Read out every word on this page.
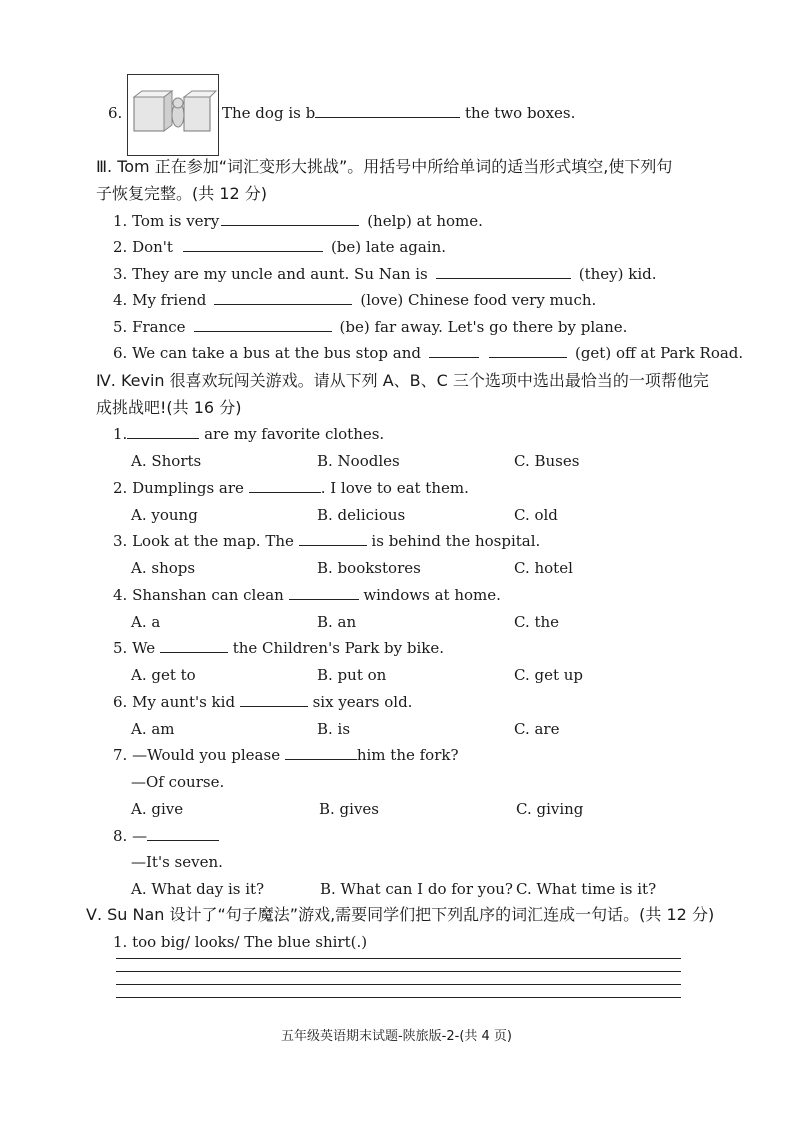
6.	The dog is b	the two boxes.
Ⅲ. Tom 正在参加“词汇变形大挑战”。用括号中所给单词的适当形式填空,使下列句
子恢复完整。(共 12 分)
1. Tom is very	(help) at home.
2. Don't	(be) late again.
3. They are my uncle and aunt. Su Nan is	(they) kid.
4. My friend	(love) Chinese food very much.
5. France	(be) far away. Let's go there by plane.
6. We can take a bus at the bus stop and	(get) off at Park Road.
Ⅳ. Kevin 很喜欢玩闯关游戏。请从下列 A、B、C 三个选项中选出最恰当的一项帮他完
成挑战吧!(共 16 分)
1.	are my favorite clothes.
A. Shorts	B. Noodles	C. Buses
2. Dumplings are	. I love to eat them.
A. young	B. delicious	C. old
3. Look at the map. The	is behind the hospital.
A. shops	B. bookstores	C. hotel
4. Shanshan can clean	windows at home.
A. a	B. an	C. the
5. We	the Children's Park by bike.
A. get to	B. put on	C. get up
6. My aunt's kid	six years old.
A. am	B. is	C. are
7. —Would you please	him the fork?
—Of course.
A. give	B. gives	C. giving
8. —
—It's seven.
A. What day is it?	B. What can I do for you? C. What time is it?
Ⅴ. Su Nan 设计了“句子魔法”游戏,需要同学们把下列乱序的词汇连成一句话。(共 12 分)
1. too big/ looks/ The blue shirt(.)
五年级英语期末试题-陕旅版-2-(共 4 页)
